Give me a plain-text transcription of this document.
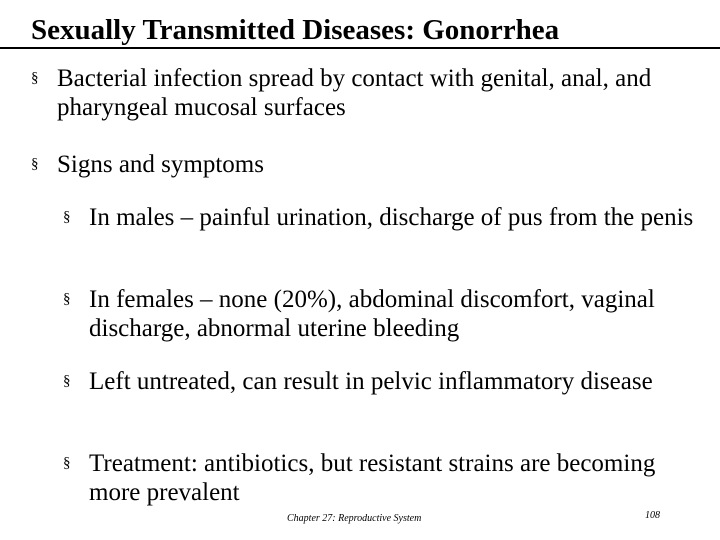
Sexually Transmitted Diseases: Gonorrhea
§ Bacterial infection spread by contact with genital, anal, and pharyngeal mucosal surfaces
§ Signs and symptoms
§ In males – painful urination, discharge of pus from the penis
§ In females – none (20%), abdominal discomfort, vaginal discharge, abnormal uterine bleeding
§ Left untreated, can result in pelvic inflammatory disease
§ Treatment: antibiotics, but resistant strains are becoming more prevalent
Chapter 27: Reproductive System	108
